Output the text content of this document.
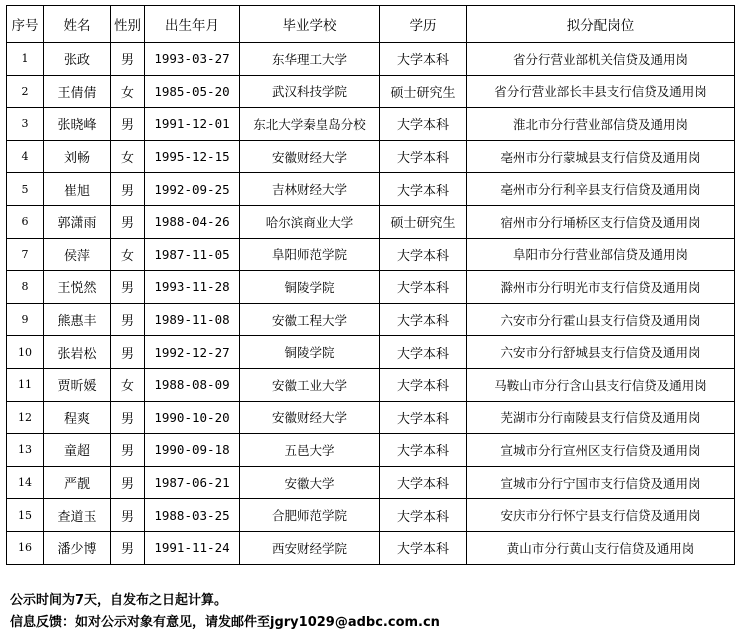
序号	姓名	性别	出生年月	毕业学校	学历	拟分配岗位
1	张政	男	1993-03-27	东华理工大学	大学本科	省分行营业部机关信贷及通用岗
2	王倩倩	女	1985-05-20	武汉科技学院	硕士研究生	省分行营业部长丰县支行信贷及通用岗
3	张晓峰	男	1991-12-01	东北大学秦皇岛分校	大学本科	淮北市分行营业部信贷及通用岗
4	刘畅	女	1995-12-15	安徽财经大学	大学本科	亳州市分行蒙城县支行信贷及通用岗
5	崔旭	男	1992-09-25	吉林财经大学	大学本科	亳州市分行利辛县支行信贷及通用岗
6	郭潇雨	男	1988-04-26	哈尔滨商业大学	硕士研究生	宿州市分行埇桥区支行信贷及通用岗
7	侯萍	女	1987-11-05	阜阳师范学院	大学本科	阜阳市分行营业部信贷及通用岗
8	王悦然	男	1993-11-28	铜陵学院	大学本科	滁州市分行明光市支行信贷及通用岗
9	熊惠丰	男	1989-11-08	安徽工程大学	大学本科	六安市分行霍山县支行信贷及通用岗
10	张岩松	男	1992-12-27	铜陵学院	大学本科	六安市分行舒城县支行信贷及通用岗
11	贾昕媛	女	1988-08-09	安徽工业大学	大学本科	马鞍山市分行含山县支行信贷及通用岗
12	程爽	男	1990-10-20	安徽财经大学	大学本科	芜湖市分行南陵县支行信贷及通用岗
13	童超	男	1990-09-18	五邑大学	大学本科	宣城市分行宣州区支行信贷及通用岗
14	严靓	男	1987-06-21	安徽大学	大学本科	宣城市分行宁国市支行信贷及通用岗
15	查道玉	男	1988-03-25	合肥师范学院	大学本科	安庆市分行怀宁县支行信贷及通用岗
16	潘少博	男	1991-11-24	西安财经学院	大学本科	黄山市分行黄山支行信贷及通用岗
公示时间为7天，自发布之日起计算。
信息反馈：如对公示对象有意见，请发邮件至jgry1029@adbc.com.cn
